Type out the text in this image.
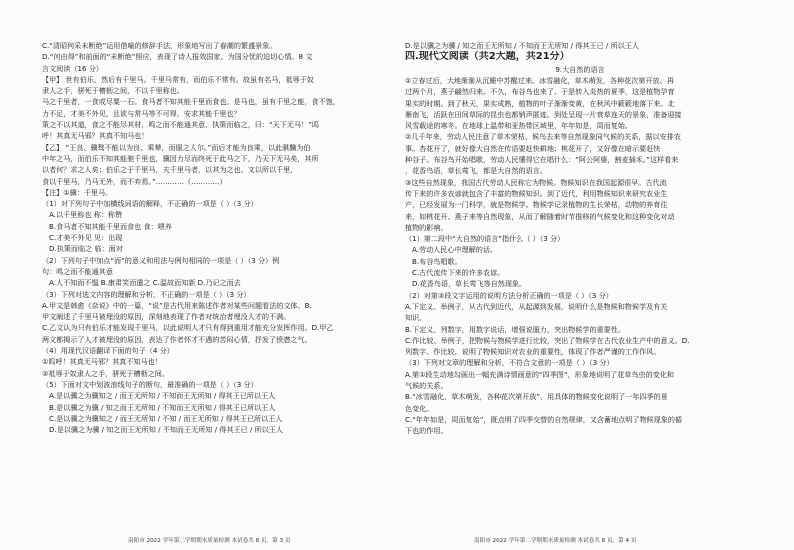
C.“清昭何采未断绝”运用借喻的修辞手法，形象地写出了春潮的繁盛景象。
D.“何由得”和前面的“未断绝”照应，表现了诗人报效国家、为国分忧的迫切心情。8 文
言文阅读（16 分）
【甲】 世有伯乐，然后有千里马。千里马常有，而伯乐不常有。故虽有名马，祗辱于奴
隶人之手，骈死于槽枥之间，不以千里称也。
马之千里者，一食或尽粟一石。食马者不知其能千里而食也。是马也，虽有千里之能，食不饱，
力不足，才美不外见，且欲与常马等不可得，安求其能千里也？
策之不以其道，食之不能尽其材，鸣之而不能通其意，执策而临之，曰：“天下无马！”呜
呼！其真无马邪？其真不知马也！
【乙】 “王良、骥骜不能以为良、乘辇，而服之人尔。”而后才能为良乘，以此骐驥为伯
中年之马，而伯乐不知其能驰千里也，骥因力尽而终死于此马之下，乃天下无马矣，其所
以者何？求之人矣；伯乐之于千里马，夫千里马者，以其为之也。文以所以千里，
食以千里马，乃马无外，而不弃焉。”…………（…………）
【注】①骥：千里马。
（1）对下列句子中加横线词语的解释，不正确的一项是（ ）（3 分）
A.以千里称也 称：称赞
B.食马者不知其能千里而食也 食：喂养
C.才美不外见 见：出现
D.执策而临之 临：面对
（2）下列句子中加点“而”的意义和用法与例句相同的一项是（ ）（3 分）例
句：鸣之而不能通其意
A.人不知而不愠 B.康肃笑而遣之 C.温故而知新 D.乃记之而去
（3）下列对选文内容的理解和分析，不正确的一项是（ ）（3 分）
A.甲文是韩愈《杂说》中的一篇，“说”是古代用来陈述作者对某些问题看法的文体。B.
甲文阐述了千里马被埋没的原因，深刻地表现了作者对统治者埋没人才的不满。
C.乙文认为只有伯乐才能发现千里马，以此说明人才只有得到重用才能充分发挥作用。D.甲乙
两文都揭示了人才被埋没的原因，表达了作者怀才不遇的苦闷心情，抒发了愤懑之气。
（4）用现代汉语翻译下面的句子（4 分）
①呜呼！其真无马邪？其真不知马也！
②祗辱于奴隶人之手，骈死于槽枥之间。
（5）下面对文中划波浪线句子的断句，最准确的一项是（ ）（3 分）
A.是以骥之为骥知之 / 而王无所知 / 不知而王无所知 / 得其王已所以王人
B.是以骥之为骥 / 知之而王无所知 / 不知而王无所知 / 得其王已所以王人
C.是以骥之为骥知之 / 而王无所知 / 不知 / 而王无所知 / 得其王已所以王人
D.是以骥之为骥 / 知之而王无所知 / 不知而王无所知 / 得其王已 / 所以王人
D.是以骥之为骥 / 知之而王无所知 / 不知而王无所知 / 得其王已 / 所以王人
四.现代文阅读（共2大题，共21分）
9.大自然的语言
①立春过后，大地渐渐从沉睡中苏醒过来。冰雪融化，草木萌发，各种花次第开放。再
过两个月，燕子翩然归来。不久，布谷鸟也来了。于是转入炎热的夏季，这是植物孕育
果实的时期。到了秋天，果实成熟，植物的叶子渐渐变黄，在秋风中簌簌地落下来。北
雁南飞，活跃在田间草际的昆虫也都销声匿迹。到处呈现一片衰草连天的景象，准备迎接
风雪载途的寒冬。在地球上温带和亚热带区域里，年年如是，周而复始。
②几千年来，劳动人民注意了草木荣枯、候鸟去来等自然现象同气候的关系，据以安排农
事。杏花开了，就好像大自然在传语要赶快耕地；桃花开了，又好像在暗示要赶快
种谷子。布谷鸟开始唱歌，劳动人民懂得它在唱什么：“阿公阿婆，割麦插禾。”这样看来
，花香鸟语，草长莺飞，都是大自然的语言。
③这些自然现象，我国古代劳动人民称它为物候。物候知识在我国起源很早。古代流
传下来的许多农谚就包含了丰富的物候知识。到了近代，利用物候知识来研究农业生
产，已经发展为一门科学，就是物候学。物候学记录植物的生长荣枯，动物的养育往
来，如桃花开、燕子来等自然现象，从而了解随着时节推移的气候变化和这种变化对动
植物的影响。
（1）第二段中“大自然的语言”指什么（ ）（3 分）
A.劳动人民心中理解的话。
B.布谷鸟唱歌。
C.古代流传下来的许多农谚。
D.花香鸟语，草长莺飞等自然现象。
（2）对第③段文字运用的说明方法分析正确的一项是（ ）（3 分）
A.下定义、举例子，从古代到近代，从起源到发展，说明什么是物候和物候学及有关
知识。
B.下定义、列数字，用数字说话，增强说服力，突出物候学的重要性。
C.作比较、举例子，把物候与物候学进行比较，突出了物候学在古代农业生产中的意义。D.
列数字、作比较，说明了物候知识对农业的重要性，体现了作者严谨的工作作风。
（3）下列对文章的理解和分析，不符合文意的一项是（ ）（3 分）
A.第①段生动地勾画出一幅充满诗情画意的“四季图”，形象地说明了花草鸟虫的变化和
气候的关系。
B.“冰雪融化，草木萌发，各种花次第开放”，用具体的物候变化说明了一年四季的景
色变化。
C.“年年如是，周而复始”，既点明了四季交替的自然规律，又含蓄地点明了物候现象的循
下也的作用。
南阳市 2022 学年第二学期期末质量检测 本试卷共 8 页，第 3 页	南阳市 2022 学年第二学期期末质量检测 本试卷共 8 页，第 4 页
